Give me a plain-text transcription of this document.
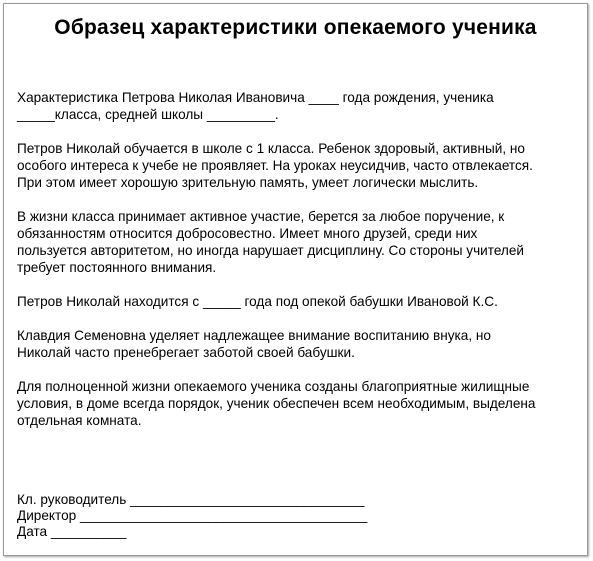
Образец характеристики опекаемого ученика
Характеристика Петрова Николая Ивановича ____ года рождения, ученика
_____класса, средней школы _________.
Петров Николай обучается в школе с 1 класса. Ребенок здоровый, активный, но
особого интереса к учебе не проявляет. На уроках неусидчив, часто отвлекается.
При этом имеет хорошую зрительную память, умеет логически мыслить.
В жизни класса принимает активное участие, берется за любое поручение, к
обязанностям относится добросовестно. Имеет много друзей, среди них
пользуется авторитетом, но иногда нарушает дисциплину. Со стороны учителей
требует постоянного внимания.
Петров Николай находится с _____ года под опекой бабушки Ивановой К.С.
Клавдия Семеновна уделяет надлежащее внимание воспитанию внука, но
Николай часто пренебрегает заботой своей бабушки.
Для полноценной жизни опекаемого ученика созданы благоприятные жилищные
условия, в доме всегда порядок, ученик обеспечен всем необходимым, выделена
отдельная комната.
Кл. руководитель _______________________________
Директор ______________________________________
Дата __________
